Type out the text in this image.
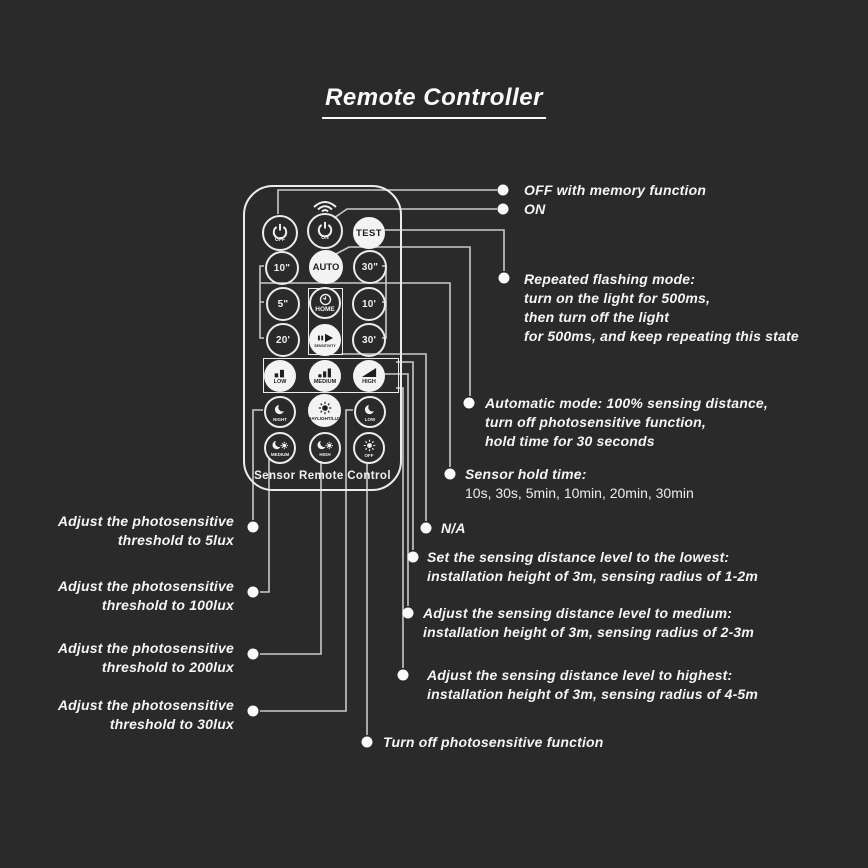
Remote Controller
OFF	ON	TEST
10" AUTO 30"
5"	HOME	10'
20'	SENSITIVITY	30'
LOW	MEDIUM	HIGH
NIGHT	DAYLIGHT/LUX	LOW
MEDIUM	HIGH	OFF
Sensor Remote Control
OFF with memory function
ON
Repeated flashing mode:
turn on the light for 500ms,
then turn off the light
for 500ms, and keep repeating this state
Automatic mode: 100% sensing distance,
turn off photosensitive function,
hold time for 30 seconds
Sensor hold time:
10s, 30s, 5min, 10min, 20min, 30min
N/A
Set the sensing distance level to the lowest:
installation height of 3m, sensing radius of 1-2m
Adjust the sensing distance level to medium:
installation height of 3m, sensing radius of 2-3m
Adjust the sensing distance level to highest:
installation height of 3m, sensing radius of 4-5m
Turn off photosensitive function
Adjust the photosensitive
threshold to 5lux
Adjust the photosensitive
threshold to 100lux
Adjust the photosensitive
threshold to 200lux
Adjust the photosensitive
threshold to 30lux
